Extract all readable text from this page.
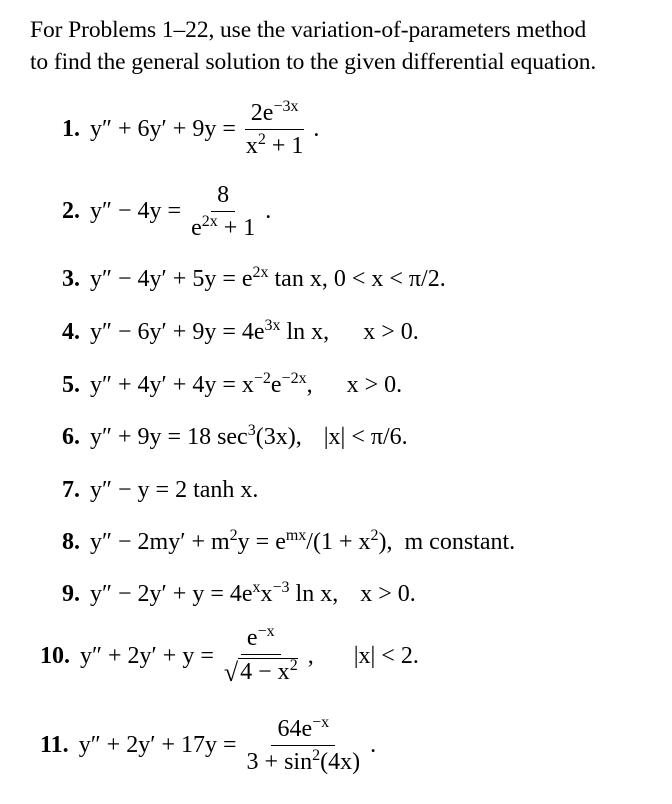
For Problems 1–22, use the variation-of-parameters method
to find the general solution to the given differential equation.
1. $y'' + 6y' + 9y = \frac{2e^{-3x}}{x^2 + 1}$ .
2. $y'' - 4y = \frac{8}{e^{2x} + 1}$ .
3. $y'' - 4y' + 5y = e^{2x}$ tan x, 0 < x < π/2.
4. $y'' - 6y' + 9y = 4e^{3x}$ ln x, x > 0.
5. $y'' + 4y' + 4y = x^{-2}e^{-2x}$, x > 0.
6. y″ + 9y = 18 $\sec^3(3x)$, |x| < π/6.
7. y″ − y = 2 tanh x.
8. $y'' - 2my' + m^2y = e^{mx}/(1 + x^2)$, m constant.
9. $y'' - 2y' + y = 4e^xx^{-3}$ ln x, x > 0.
10. $y'' + 2y' + y = \frac{e^{-x}}{√ 4 - x^2}$ , |x| < 2.
11. $y'' + 2y' + 17y = \frac{64e^{-x}}{3 + \sin^2(4x)}$ .
